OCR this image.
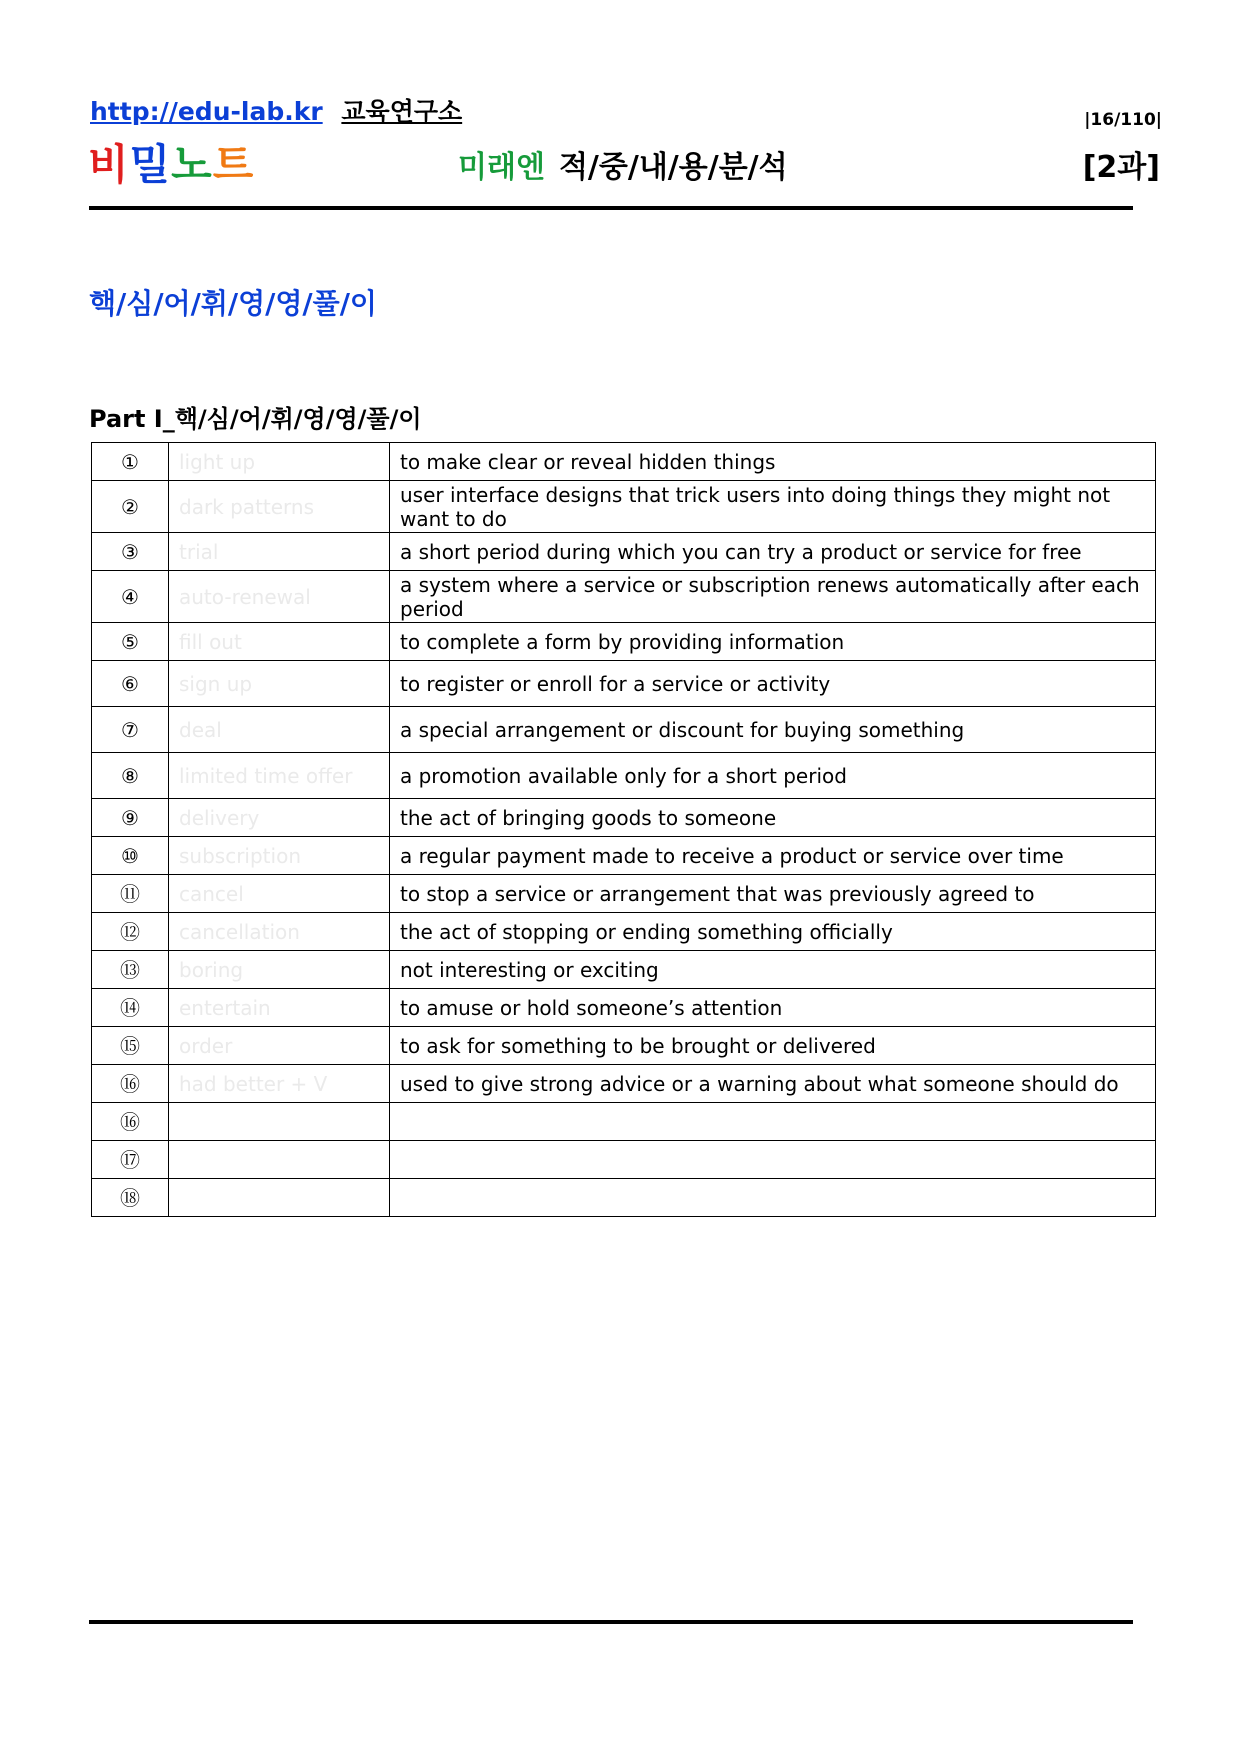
http://edu-lab.kr 교육연구소	|16/110|
비밀노트	미래엔 적/중/내/용/분/석	[2과]
핵/심/어/휘/영/영/풀/이
Part I_핵/심/어/휘/영/영/풀/이
①	light up	to make clear or reveal hidden things
②	dark patterns	user interface designs that trick users into doing things they might not want to do
③	trial	a short period during which you can try a product or service for free
④	auto-renewal	a system where a service or subscription renews automatically after each period
⑤	fill out	to complete a form by providing information
⑥	sign up	to register or enroll for a service or activity
⑦	deal	a special arrangement or discount for buying something
⑧	limited time offer	a promotion available only for a short period
⑨	delivery	the act of bringing goods to someone
⑩	subscription	a regular payment made to receive a product or service over time
⑪	cancel	to stop a service or arrangement that was previously agreed to
⑫	cancellation	the act of stopping or ending something officially
⑬	boring	not interesting or exciting
⑭	entertain	to amuse or hold someone’s attention
⑮	order	to ask for something to be brought or delivered
⑯	had better + V	used to give strong advice or a warning about what someone should do
⑯		
⑰		
⑱		
